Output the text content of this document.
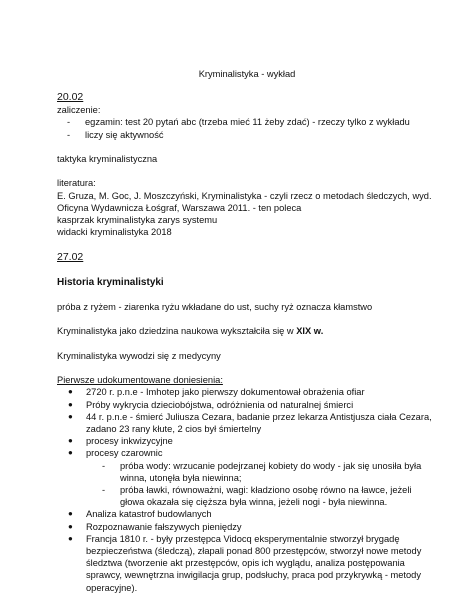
Kryminalistyka - wykład
20.02
zaliczenie:
-	egzamin: test 20 pytań abc (trzeba mieć 11 żeby zdać) - rzeczy tylko z wykładu
-	liczy się aktywność
taktyka kryminalistyczna
literatura:
E. Gruza, M. Goc, J. Moszczyński, Kryminalistyka - czyli rzecz o metodach śledczych, wyd.
Oficyna Wydawnicza Łośgraf, Warszawa 2011. - ten poleca
kasprzak kryminalistyka zarys systemu
widacki kryminalistyka 2018
27.02
Historia kryminalistyki
próba z ryżem - ziarenka ryżu wkładane do ust, suchy ryż oznacza kłamstwo
Kryminalistyka jako dziedzina naukowa wykształciła się w XIX w.
Kryminalistyka wywodzi się z medycyny
Pierwsze udokumentowane doniesienia:
●	2720 r. p.n.e - Imhotep jako pierwszy dokumentował obrażenia ofiar
●	Próby wykrycia dzieciobójstwa, odróżnienia od naturalnej śmierci
●	44 r. p.n.e - śmierć Juliusza Cezara, badanie przez lekarza Antistjusza ciała Cezara, zadano 23 rany kłute, 2 cios był śmiertelny
●	procesy inkwizycyjne
●	procesy czarownic
-	próba wody: wrzucanie podejrzanej kobiety do wody - jak się unosiła była winna, utonęła była niewinna;
-	próba ławki, równoważni, wagi: kładziono osobę równo na ławce, jeżeli głowa okazała się cięższa była winna, jeżeli nogi - była niewinna.
●	Analiza katastrof budowlanych
●	Rozpoznawanie fałszywych pieniędzy
●	Francja 1810 r. - były przestępca Vidocq eksperymentalnie stworzył brygadę bezpieczeństwa (śledczą), złapali ponad 800 przestępców, stworzył nowe metody śledztwa (tworzenie akt przestępców, opis ich wyglądu, analiza postępowania sprawcy, wewnętrzna inwigilacja grup, podsłuchy, praca pod przykrywką - metody operacyjne).
